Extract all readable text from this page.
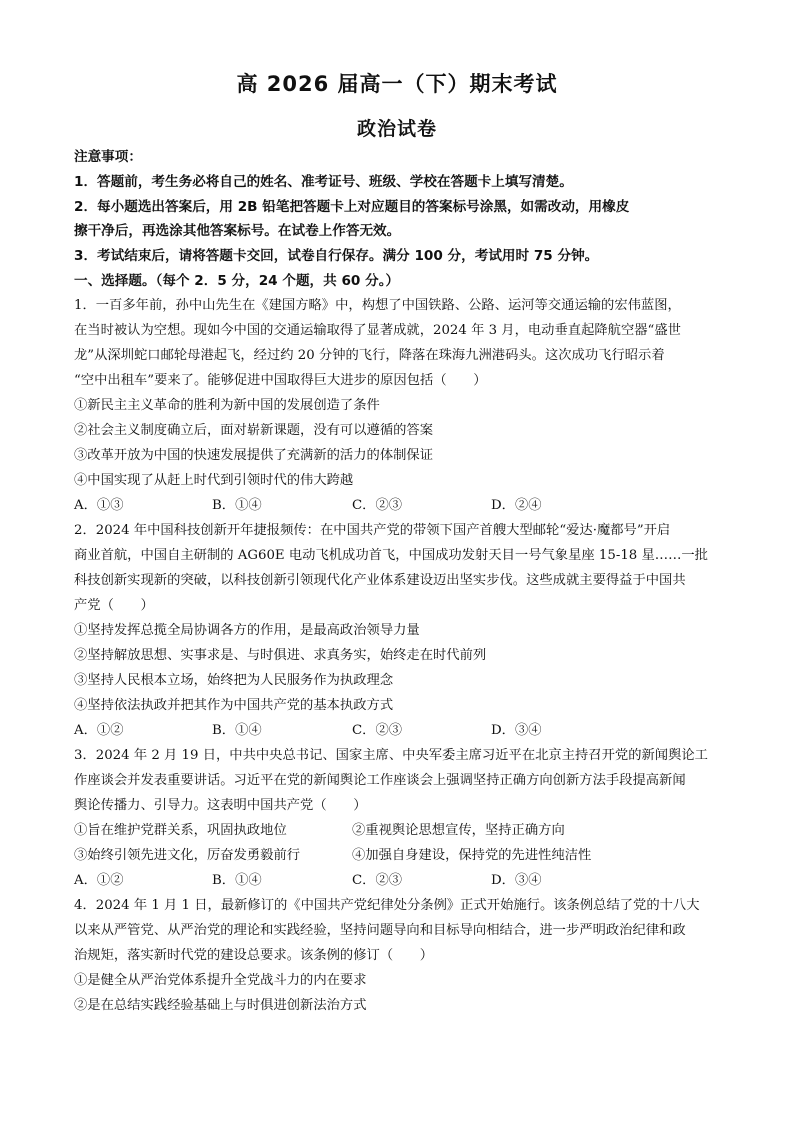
高 2026 届高一（下）期末考试
政治试卷
注意事项：
1．答题前，考生务必将自己的姓名、准考证号、班级、学校在答题卡上填写清楚。
2．每小题选出答案后，用 2B 铅笔把答题卡上对应题目的答案标号涂黑，如需改动，用橡皮
擦干净后，再选涂其他答案标号。在试卷上作答无效。
3．考试结束后，请将答题卡交回，试卷自行保存。满分 100 分，考试用时 75 分钟。
一、选择题。（每个 2．5 分，24 个题，共 60 分。）
1．一百多年前，孙中山先生在《建国方略》中，构想了中国铁路、公路、运河等交通运输的宏伟蓝图，
在当时被认为空想。现如今中国的交通运输取得了显著成就，2024 年 3 月，电动垂直起降航空器“盛世
龙”从深圳蛇口邮轮母港起飞，经过约 20 分钟的飞行，降落在珠海九洲港码头。这次成功飞行昭示着
“空中出租车”要来了。能够促进中国取得巨大进步的原因包括（　　）
①新民主主义革命的胜利为新中国的发展创造了条件
②社会主义制度确立后，面对崭新课题，没有可以遵循的答案
③改革开放为中国的快速发展提供了充满新的活力的体制保证
④中国实现了从赶上时代到引领时代的伟大跨越
A．①③	B．①④	C．②③	D．②④
2．2024 年中国科技创新开年捷报频传：在中国共产党的带领下国产首艘大型邮轮“爱达·魔都号”开启
商业首航，中国自主研制的 AG60E 电动飞机成功首飞，中国成功发射天目一号气象星座 15-18 星……一批
科技创新实现新的突破，以科技创新引领现代化产业体系建设迈出坚实步伐。这些成就主要得益于中国共
产党（　　）
①坚持发挥总揽全局协调各方的作用，是最高政治领导力量
②坚持解放思想、实事求是、与时俱进、求真务实，始终走在时代前列
③坚持人民根本立场，始终把为人民服务作为执政理念
④坚持依法执政并把其作为中国共产党的基本执政方式
A．①②	B．①④	C．②③	D．③④
3．2024 年 2 月 19 日，中共中央总书记、国家主席、中央军委主席习近平在北京主持召开党的新闻舆论工
作座谈会并发表重要讲话。习近平在党的新闻舆论工作座谈会上强调坚持正确方向创新方法手段提高新闻
舆论传播力、引导力。这表明中国共产党（　　）
①旨在维护党群关系，巩固执政地位	②重视舆论思想宣传，坚持正确方向
③始终引领先进文化，厉奋发勇毅前行	④加强自身建设，保持党的先进性纯洁性
A．①②	B．①④	C．②③	D．③④
4．2024 年 1 月 1 日，最新修订的《中国共产党纪律处分条例》正式开始施行。该条例总结了党的十八大
以来从严管党、从严治党的理论和实践经验，坚持问题导向和目标导向相结合，进一步严明政治纪律和政
治规矩，落实新时代党的建设总要求。该条例的修订（　　）
①是健全从严治党体系提升全党战斗力的内在要求
②是在总结实践经验基础上与时俱进创新法治方式
